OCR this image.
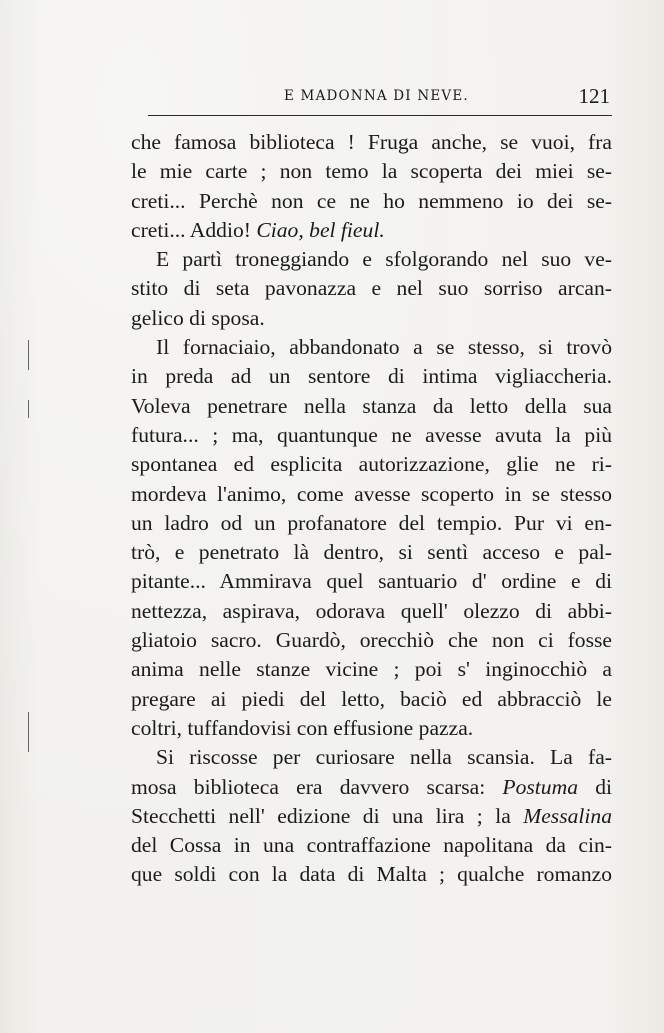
E MADONNA DI NEVE.	121
che famosa biblioteca ! Fruga anche, se vuoi, fra
le mie carte ; non temo la scoperta dei miei se-
creti... Perchè non ce ne ho nemmeno io dei se-
creti... Addio! Ciao, bel fieul.
E partì troneggiando e sfolgorando nel suo ve-
stito di seta pavonazza e nel suo sorriso arcan-
gelico di sposa.
Il fornaciaio, abbandonato a se stesso, si trovò
in preda ad un sentore di intima vigliaccheria.
Voleva penetrare nella stanza da letto della sua
futura... ; ma, quantunque ne avesse avuta la più
spontanea ed esplicita autorizzazione, glie ne ri-
mordeva l'animo, come avesse scoperto in se stesso
un ladro od un profanatore del tempio. Pur vi en-
trò, e penetrato là dentro, si sentì acceso e pal-
pitante... Ammirava quel santuario d' ordine e di
nettezza, aspirava, odorava quell' olezzo di abbi-
gliatoio sacro. Guardò, orecchiò che non ci fosse
anima nelle stanze vicine ; poi s' inginocchiò a
pregare ai piedi del letto, baciò ed abbracciò le
coltri, tuffandovisi con effusione pazza.
Si riscosse per curiosare nella scansia. La fa-
mosa biblioteca era davvero scarsa: Postuma di
Stecchetti nell' edizione di una lira ; la Messalina
del Cossa in una contraffazione napolitana da cin-
que soldi con la data di Malta ; qualche romanzo
